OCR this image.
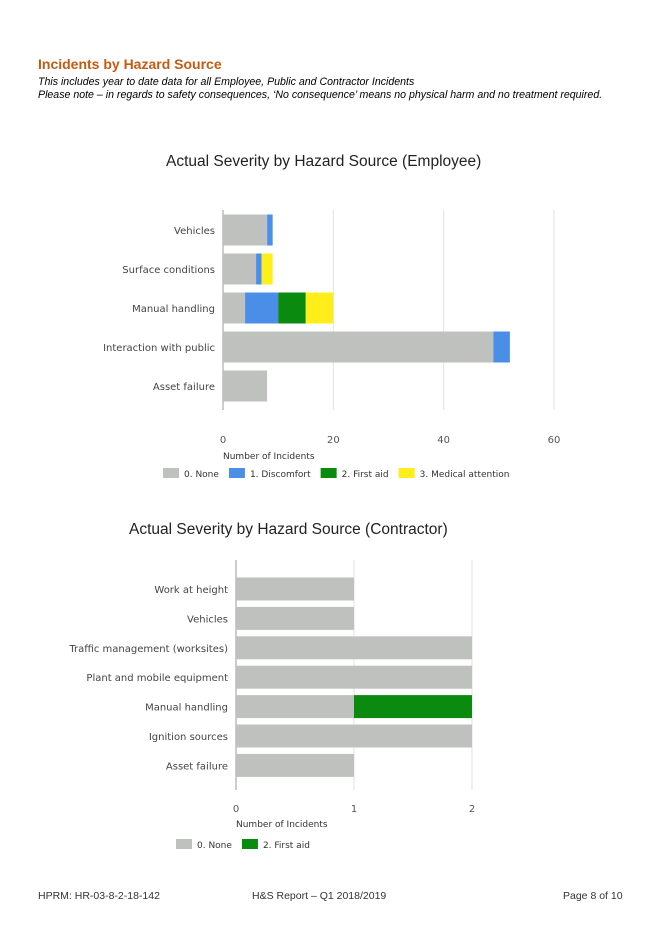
Incidents by Hazard Source
This includes year to date data for all Employee, Public and Contractor Incidents
Please note – in regards to safety consequences, ‘No consequence’ means no physical harm and no treatment required.
Actual Severity by Hazard Source (Employee)
0	20	40	60
Vehicles
Surface conditions
Manual handling
Interaction with public
Asset failure
Number of Incidents
0. None	1. Discomfort	2. First aid	3. Medical attention
Actual Severity by Hazard Source (Contractor)
0	1	2
Work at height
Vehicles
Traffic management (worksites)
Plant and mobile equipment
Manual handling
Ignition sources
Asset failure
Number of Incidents
0. None	2. First aid
HPRM: HR-03-8-2-18-142	H&S Report – Q1 2018/2019	Page 8 of 10
